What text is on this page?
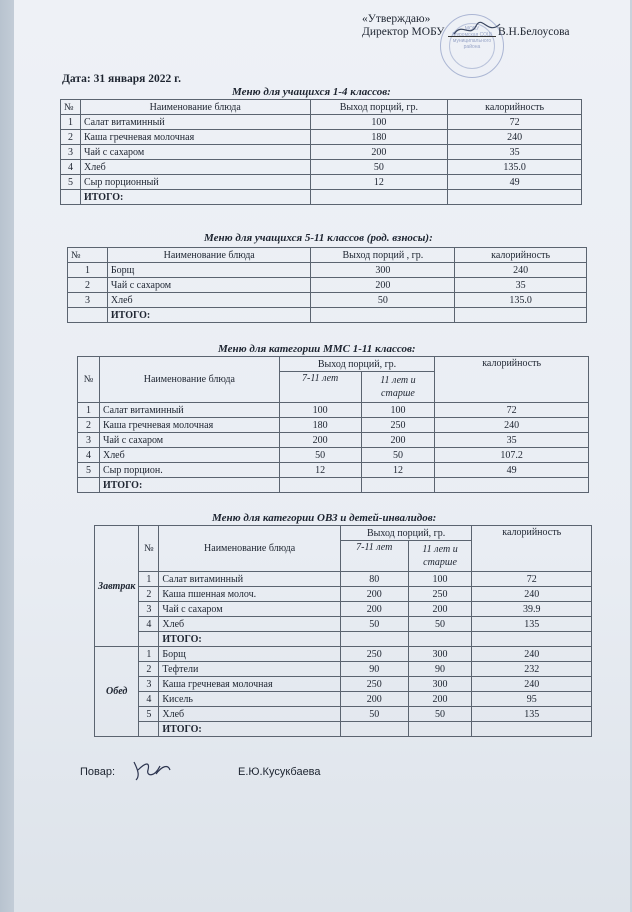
МОБУ
Муромская СОШ
муниципального
района
«Утверждаю»
Директор МОБУ	В.Н.Белоусова
Дата: 31 января 2022 г.
Меню для учащихся 1-4 классов:
№	Наименование блюда	Выход порций, гр.	калорийность
1	Салат витаминный	100	72
2	Каша гречневая молочная	180	240
3	Чай с сахаром	200	35
4	Хлеб	50	135.0
5	Сыр порционный	12	49
	ИТОГО:		
Меню для учащихся 5-11 классов (род. взносы):
№	Наименование блюда	Выход порций , гр.	калорийность
1	Борщ	300	240
2	Чай с сахаром	200	35
3	Хлеб	50	135.0
	ИТОГО:		
Меню для категории ММС 1-11 классов:
№	Наименование блюда	Выход порций, гр.		калорийность
		7-11 лет	11 лет и старше	
1	Салат витаминный	100	100	72
2	Каша гречневая молочная	180	250	240
3	Чай с сахаром	200	200	35
4	Хлеб	50	50	107.2
5	Сыр порцион.	12	12	49
	ИТОГО:			
Меню для категории ОВЗ и детей-инвалидов:
Завтрак	№	Наименование блюда	Выход порций, гр.		калорийность
			7-11 лет	11 лет и старше	
	1	Салат витаминный	80	100	72
	2	Каша пшенная молоч.	200	250	240
	3	Чай с сахаром	200	200	39.9
	4	Хлеб	50	50	135
		ИТОГО:			
Обед	1	Борщ	250	300	240
	2	Тефтели	90	90	232
	3	Каша гречневая молочная	250	300	240
	4	Кисель	200	200	95
	5	Хлеб	50	50	135
		ИТОГО:			
Повар:	Е.Ю.Кусукбаева
